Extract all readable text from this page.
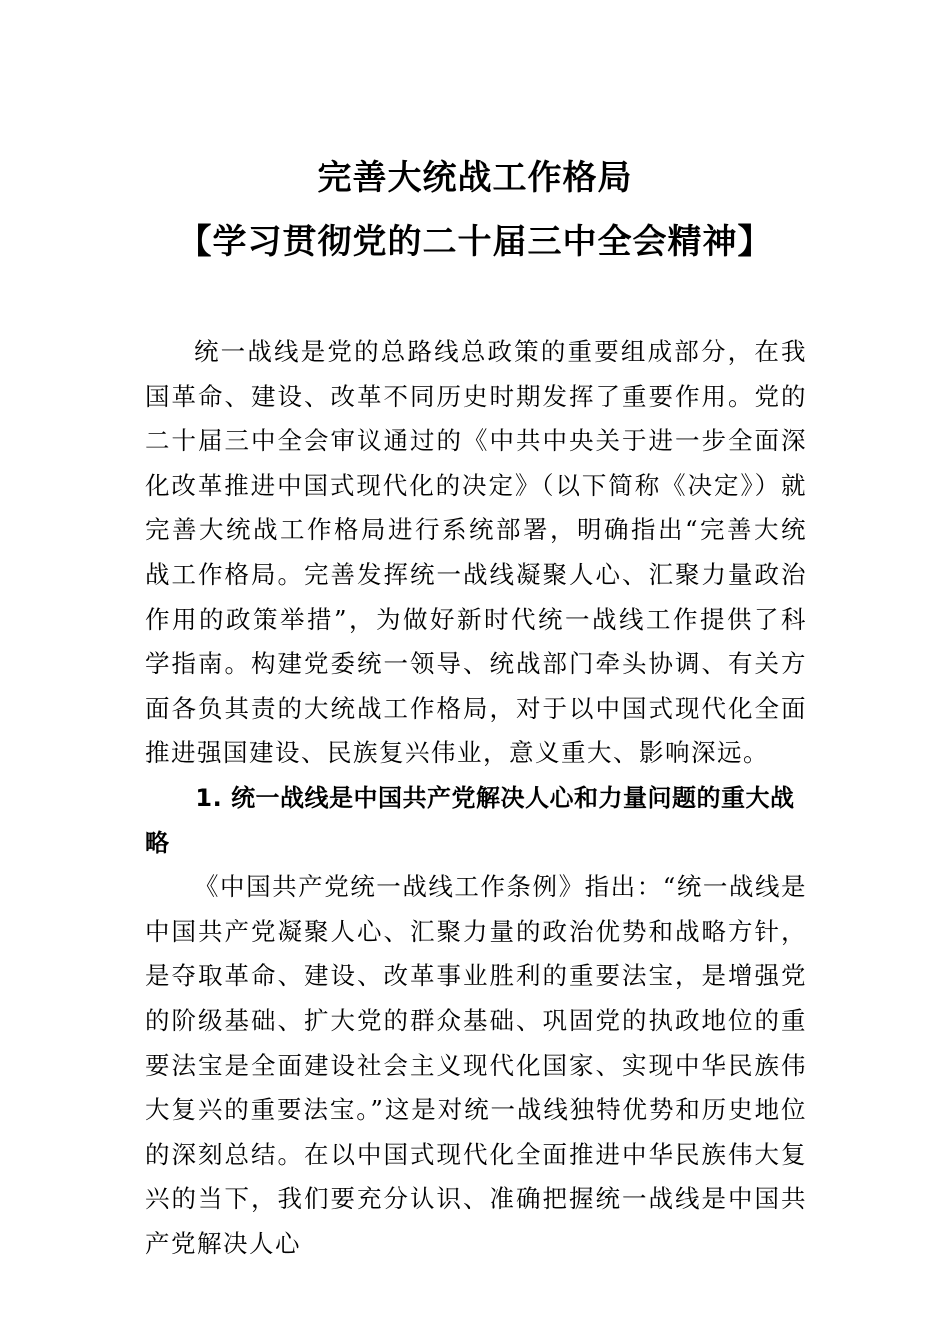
完善大统战工作格局
【学习贯彻党的二十届三中全会精神】

统一战线是党的总路线总政策的重要组成部分，在我国革命、建设、改革不同历史时期发挥了重要作用。党的二十届三中全会审议通过的《中共中央关于进一步全面深化改革推进中国式现代化的决定》（以下简称《决定》）就完善大统战工作格局进行系统部署，明确指出“完善大统战工作格局。完善发挥统一战线凝聚人心、汇聚力量政治作用的政策举措”，为做好新时代统一战线工作提供了科学指南。构建党委统一领导、统战部门牵头协调、有关方面各负其责的大统战工作格局，对于以中国式现代化全面推进强国建设、民族复兴伟业，意义重大、影响深远。

1. 统一战线是中国共产党解决人心和力量问题的重大战略

《中国共产党统一战线工作条例》指出：“统一战线是中国共产党凝聚人心、汇聚力量的政治优势和战略方针，是夺取革命、建设、改革事业胜利的重要法宝，是增强党的阶级基础、扩大党的群众基础、巩固党的执政地位的重要法宝是全面建设社会主义现代化国家、实现中华民族伟大复兴的重要法宝。”这是对统一战线独特优势和历史地位的深刻总结。在以中国式现代化全面推进中华民族伟大复兴的当下，我们要充分认识、准确把握统一战线是中国共产党解决人心
